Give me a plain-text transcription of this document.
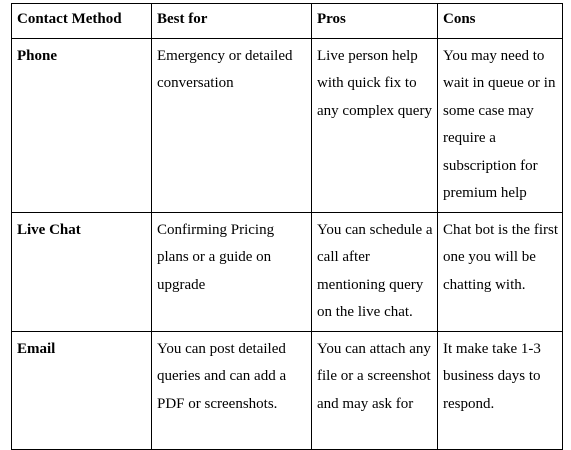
Contact Method	Best for	Pros	Cons
Phone	Emergency or detailed conversation	Live person help with quick fix to any complex query	You may need to wait in queue or in some case may require a subscription for premium help
Live Chat	Confirming Pricing plans or a guide on upgrade	You can schedule a call after mentioning query on the live chat.	Chat bot is the first one you will be chatting with.
Email	You can post detailed queries and can add a PDF or screenshots.	You can attach any file or a screenshot and may ask for	It make take 1-3 business days to respond.
